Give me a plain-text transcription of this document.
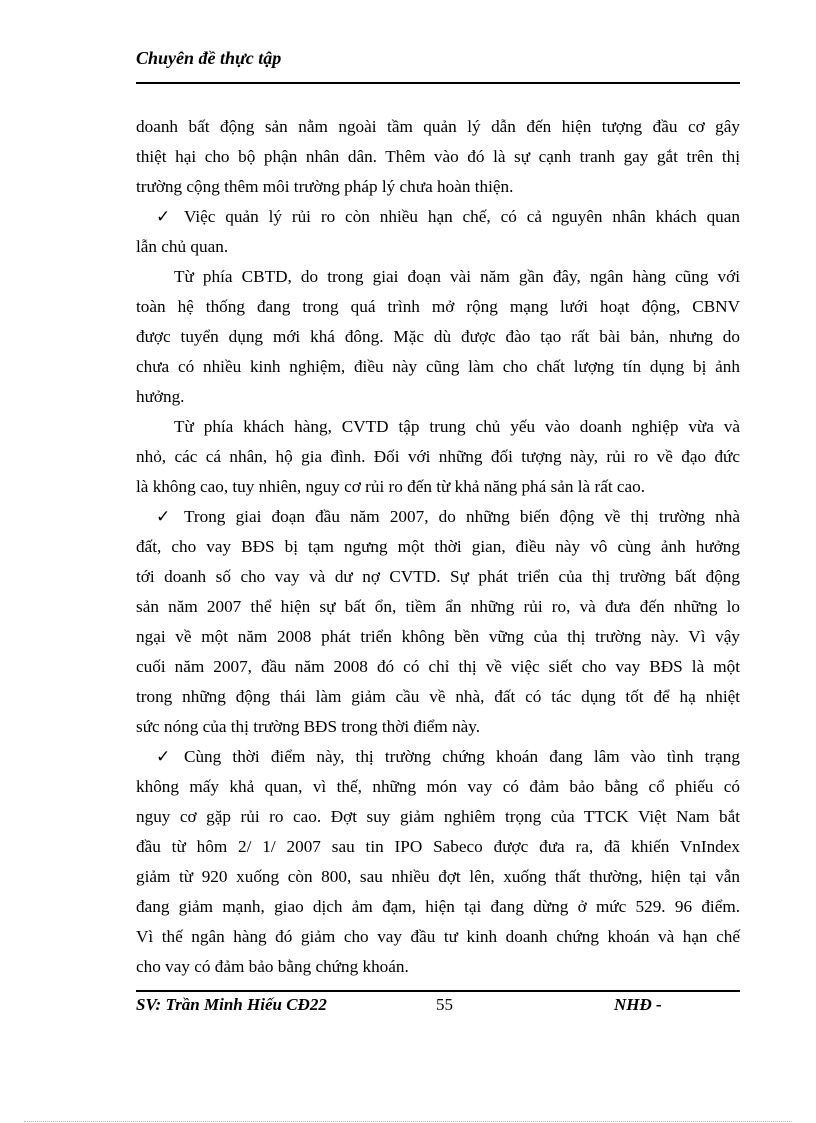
Chuyên đề thực tập
doanh bất động sản nằm ngoài tầm quản lý dẫn đến hiện tượng đầu cơ gây
thiệt hại cho bộ phận nhân dân. Thêm vào đó là sự cạnh tranh gay gắt trên thị
trường cộng thêm môi trường pháp lý chưa hoàn thiện.
✓ Việc quản lý rủi ro còn nhiều hạn chế, có cả nguyên nhân khách quan
lẫn chủ quan.
Từ phía CBTD, do trong giai đoạn vài năm gần đây, ngân hàng cũng với
toàn hệ thống đang trong quá trình mở rộng mạng lưới hoạt động, CBNV
được tuyển dụng mới khá đông. Mặc dù được đào tạo rất bài bản, nhưng do
chưa có nhiều kinh nghiệm, điều này cũng làm cho chất lượng tín dụng bị ảnh
hưởng.
Từ phía khách hàng, CVTD tập trung chủ yếu vào doanh nghiệp vừa và
nhỏ, các cá nhân, hộ gia đình. Đối với những đối tượng này, rủi ro về đạo đức
là không cao, tuy nhiên, nguy cơ rủi ro đến từ khả năng phá sản là rất cao.
✓ Trong giai đoạn đầu năm 2007, do những biến động về thị trường nhà
đất, cho vay BĐS bị tạm ngưng một thời gian, điều này vô cùng ảnh hưởng
tới doanh số cho vay và dư nợ CVTD. Sự phát triển của thị trường bất động
sản năm 2007 thể hiện sự bất ổn, tiềm ẩn những rủi ro, và đưa đến những lo
ngại về một năm 2008 phát triển không bền vững của thị trường này. Vì vậy
cuối năm 2007, đầu năm 2008 đó có chỉ thị về việc siết cho vay BĐS là một
trong những động thái làm giảm cầu về nhà, đất có tác dụng tốt để hạ nhiệt
sức nóng của thị trường BĐS trong thời điểm này.
✓ Cùng thời điểm này, thị trường chứng khoán đang lâm vào tình trạng
không mấy khả quan, vì thế, những món vay có đảm bảo bằng cổ phiếu có
nguy cơ gặp rủi ro cao. Đợt suy giảm nghiêm trọng của TTCK Việt Nam bắt
đầu từ hôm 2/ 1/ 2007 sau tin IPO Sabeco được đưa ra, đã khiến VnIndex
giảm từ 920 xuống còn 800, sau nhiều đợt lên, xuống thất thường, hiện tại vẫn
đang giảm mạnh, giao dịch ảm đạm, hiện tại đang dừng ở mức 529. 96 điểm.
Vì thế ngân hàng đó giảm cho vay đầu tư kinh doanh chứng khoán và hạn chế
cho vay có đảm bảo bằng chứng khoán.
SV: Trần Minh Hiếu CĐ22	55	NHĐ -
